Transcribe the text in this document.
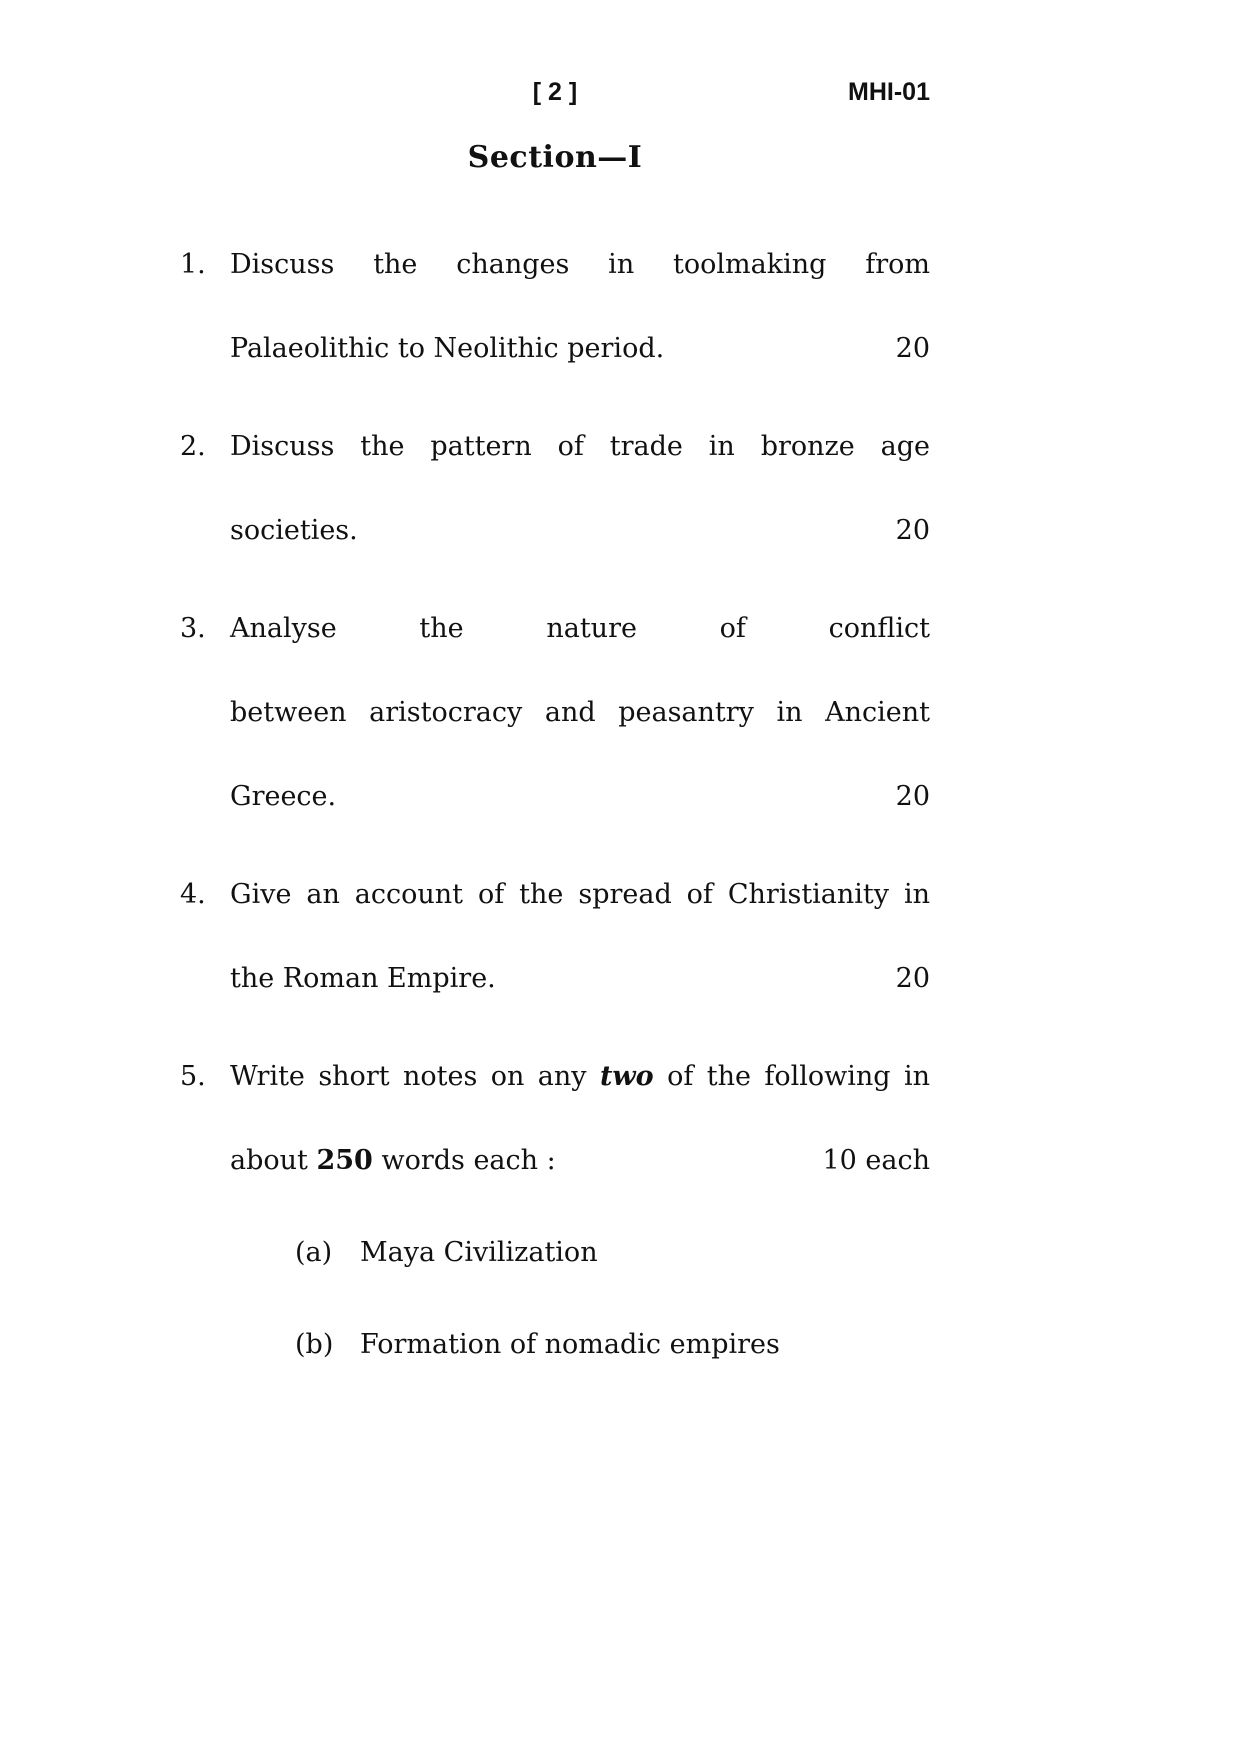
[ 2 ]	MHI-01
Section—I
1. Discuss the changes in toolmaking from
Palaeolithic to Neolithic period.	20
2. Discuss the pattern of trade in bronze age
societies.	20
3. Analyse the nature of conflict
between aristocracy and peasantry in Ancient
Greece.	20
4. Give an account of the spread of Christianity in
the Roman Empire.	20
5. Write short notes on any two of the following in
about 250 words each :	10 each
(a)	Maya Civilization
(b) Formation of nomadic empires
